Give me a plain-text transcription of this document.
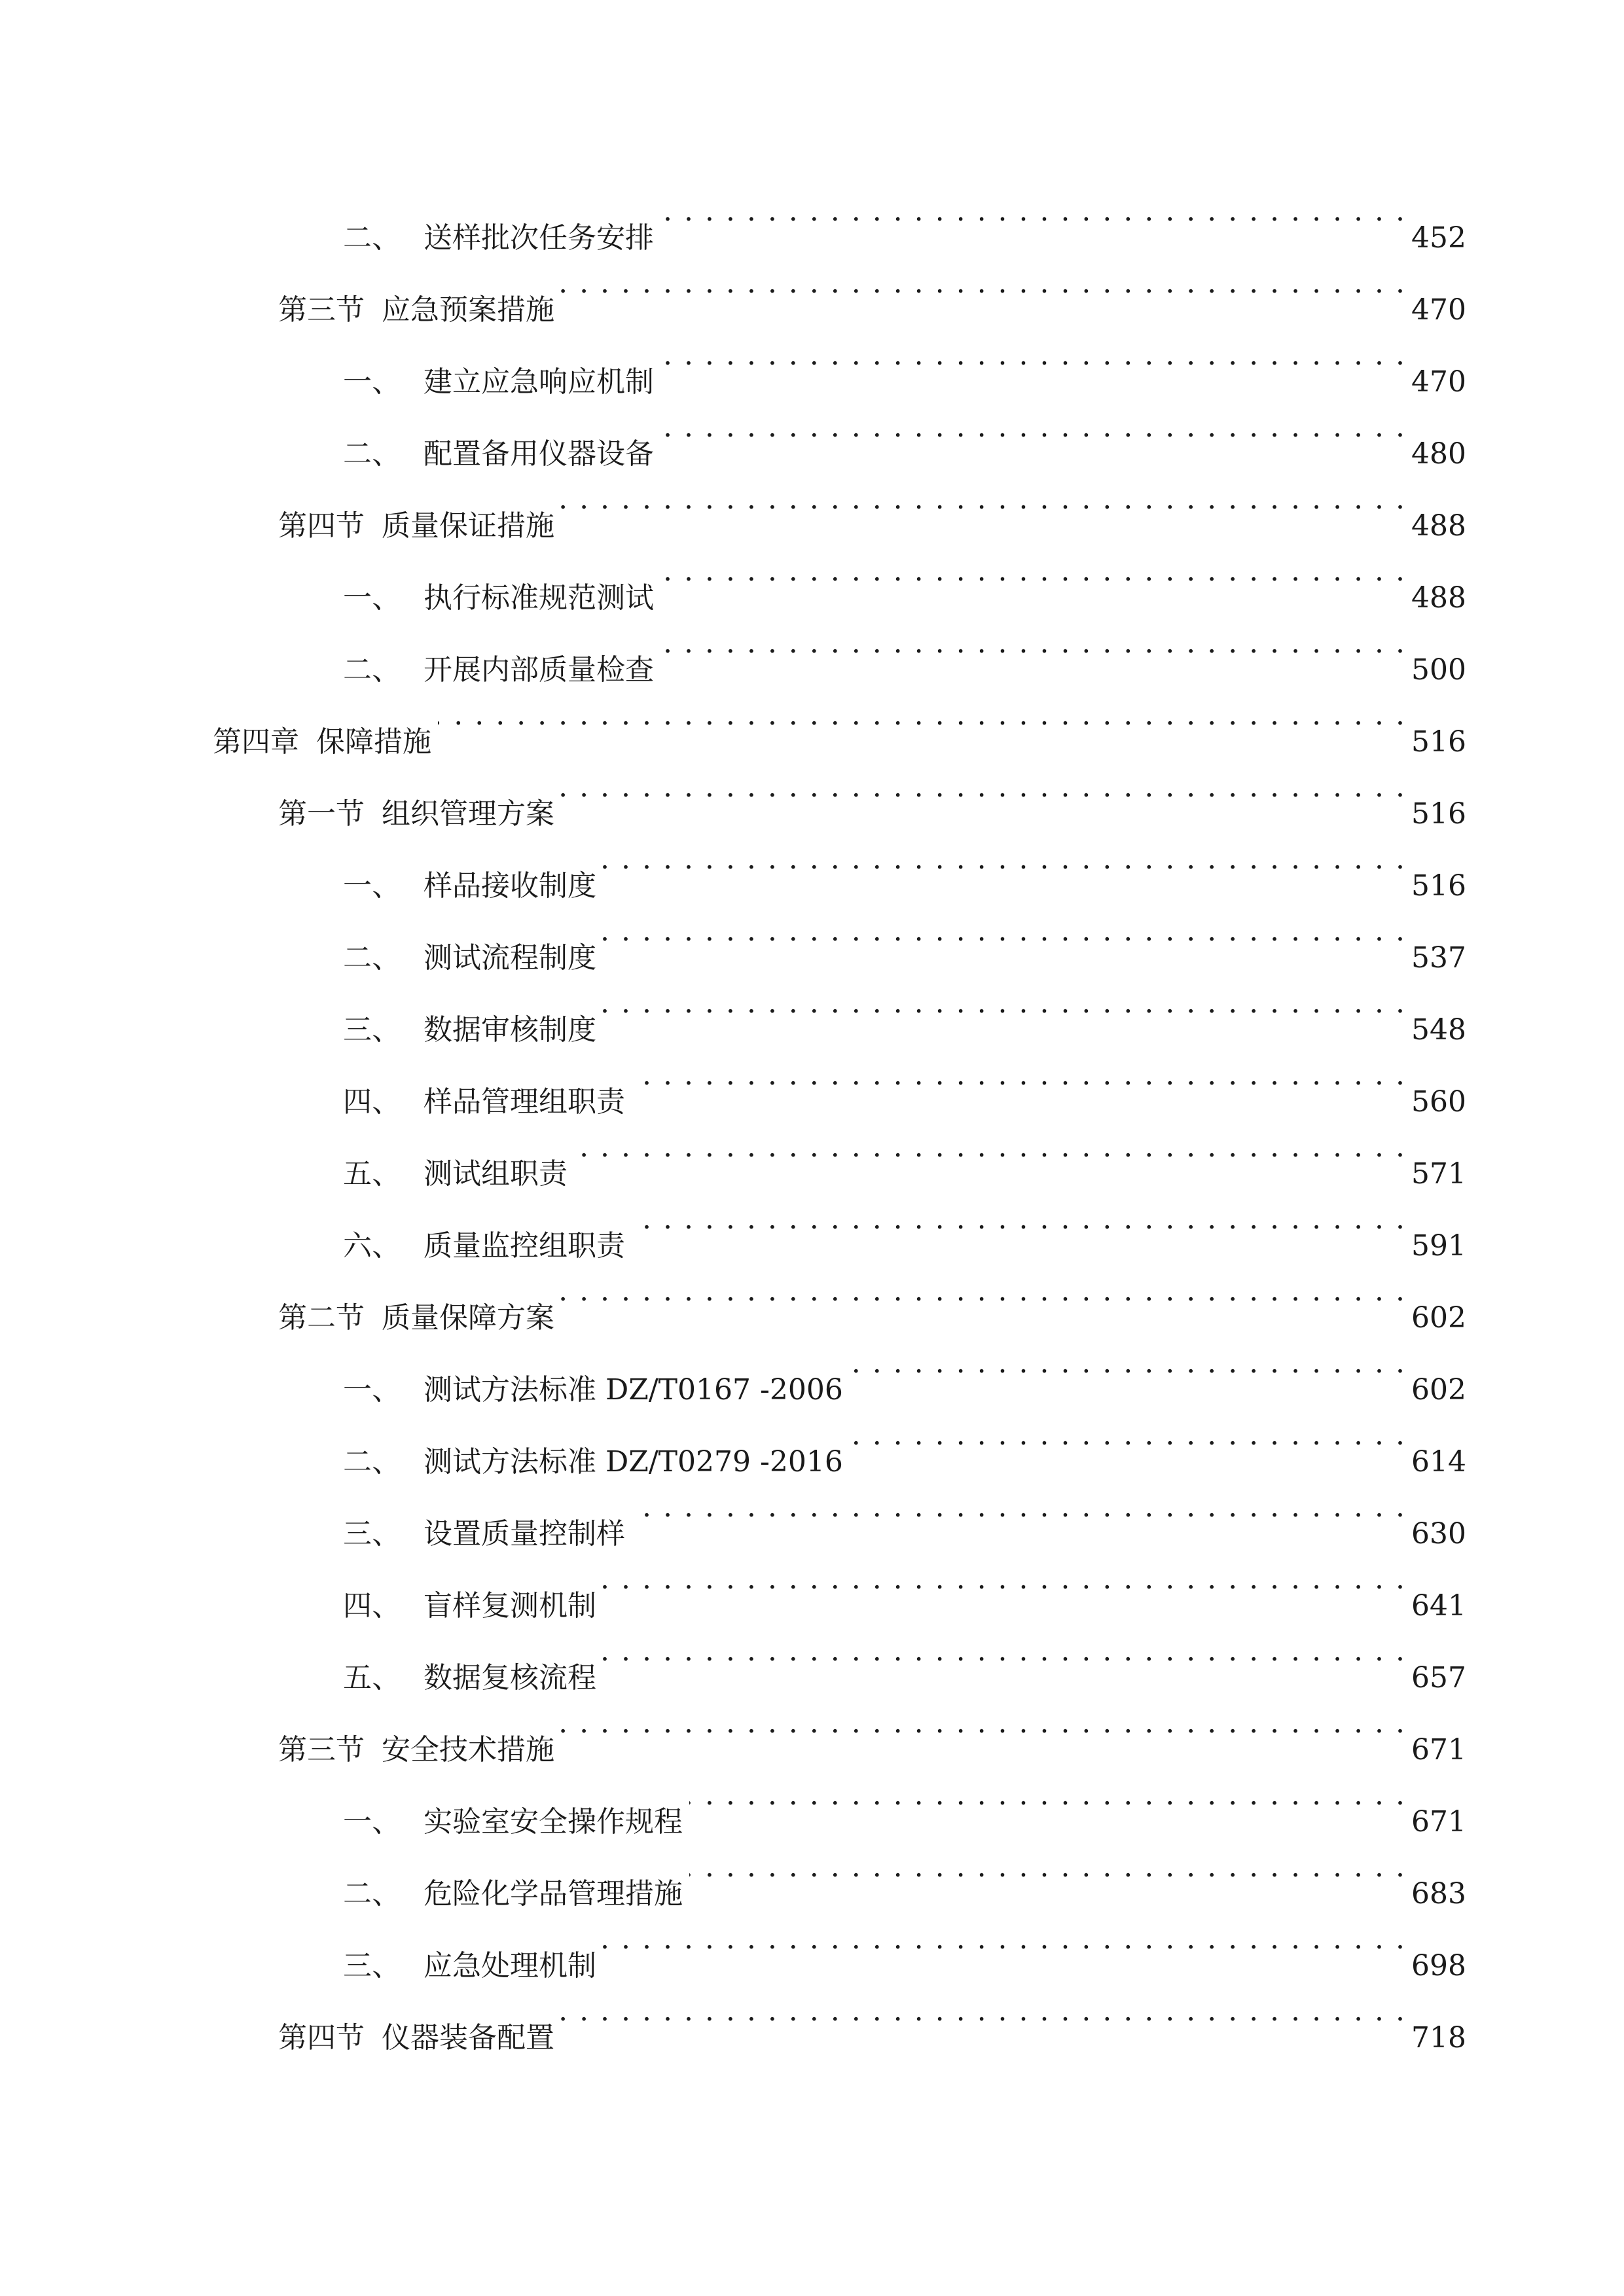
二、 送样批次任务安排 . . .	452
第三节 应急预案措施 . . .	470
一、 建立应急响应机制 . . .	470
二、 配置备用仪器设备 . . .	480
第四节 质量保证措施 . . .	488
一、 执行标准规范测试 . . .	488
二、 开展内部质量检查 . . .	500
第四章 保障措施 . . .	516
第一节 组织管理方案 . . .	516
一、 样品接收制度 . . .	516
二、 测试流程制度 . . .	537
三、 数据审核制度 . . .	548
四、 样品管理组职责 . . .	560
五、 测试组职责 . . .	571
六、 质量监控组职责 . . .	591
第二节 质量保障方案 . . .	602
一、 测试方法标准 DZ/T0167 -2006 . . .	602
二、 测试方法标准 DZ/T0279 -2016 . . .	614
三、 设置质量控制样 . . .	630
四、 盲样复测机制 . . .	641
五、 数据复核流程 . . .	657
第三节 安全技术措施 . . .	671
一、 实验室安全操作规程 . . .	671
二、 危险化学品管理措施 . . .	683
三、 应急处理机制 . . .	698
第四节 仪器装备配置 . . .	718
